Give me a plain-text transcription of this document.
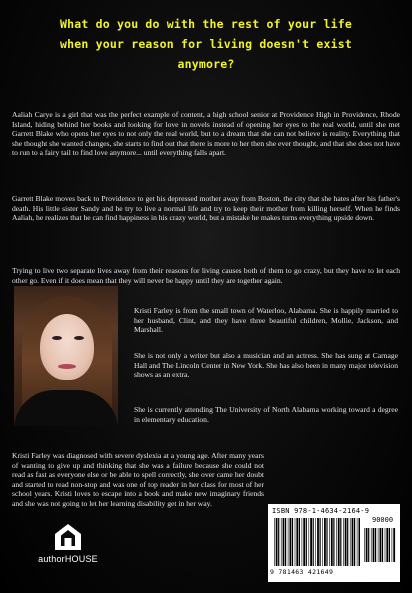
What do you do with the rest of your life
when your reason for living doesn't exist
anymore?

Aaliah Carye is a girl that was the perfect example of content, a high school senior at Providence High in Providence, Rhode Island, hiding behind her books and looking for love in novels instead of opening her eyes to the real world, until she met Garrett Blake who opens her eyes to not only the real world, but to a dream that she can not believe is reality. Everything that she thought she wanted changes, she starts to find out that there is more to her then she ever thought, and that she does not have to run to a fairy tail to find love anymore... until everything falls apart.

Garrett Blake moves back to Providence to get his depressed mother away from Boston, the city that she hates after his father's death. His little sister Sandy and he try to live a normal life and try to keep their mother from killing herself. When he finds Aaliah, he realizes that he can find happiness in his crazy world, but a mistake he makes turns everything upside down.

Trying to live two separate lives away from their reasons for living causes both of them to go crazy, but they have to let each other go. Even if it does mean that they will never be happy until they are together again.

Kristi Farley is from the small town of Waterloo, Alabama. She is happily married to her husband, Clint, and they have three beautiful children, Mollie, Jackson, and Marshall.

She is not only a writer but also a musician and an actress. She has sung at Carnage Hall and The Lincoln Center in New York. She has also been in many major television shows as an extra.

She is currently attending The University of North Alabama working toward a degree in elementary education.

Kristi Farley was diagnosed with severe dyslexia at a young age. After many years of wanting to give up and thinking that she was a failure because she could not read as fast as everyone else or be able to spell correctly, she over came her doubt and started to read non-stop and was one of top reader in her class for most of her school years. Kristi loves to escape into a book and make new imaginary friends and she was not going to let her learning disability get in her way.

authorHOUSE
ISBN 978-1-4634-2164-9
90000
9 781463 421649
